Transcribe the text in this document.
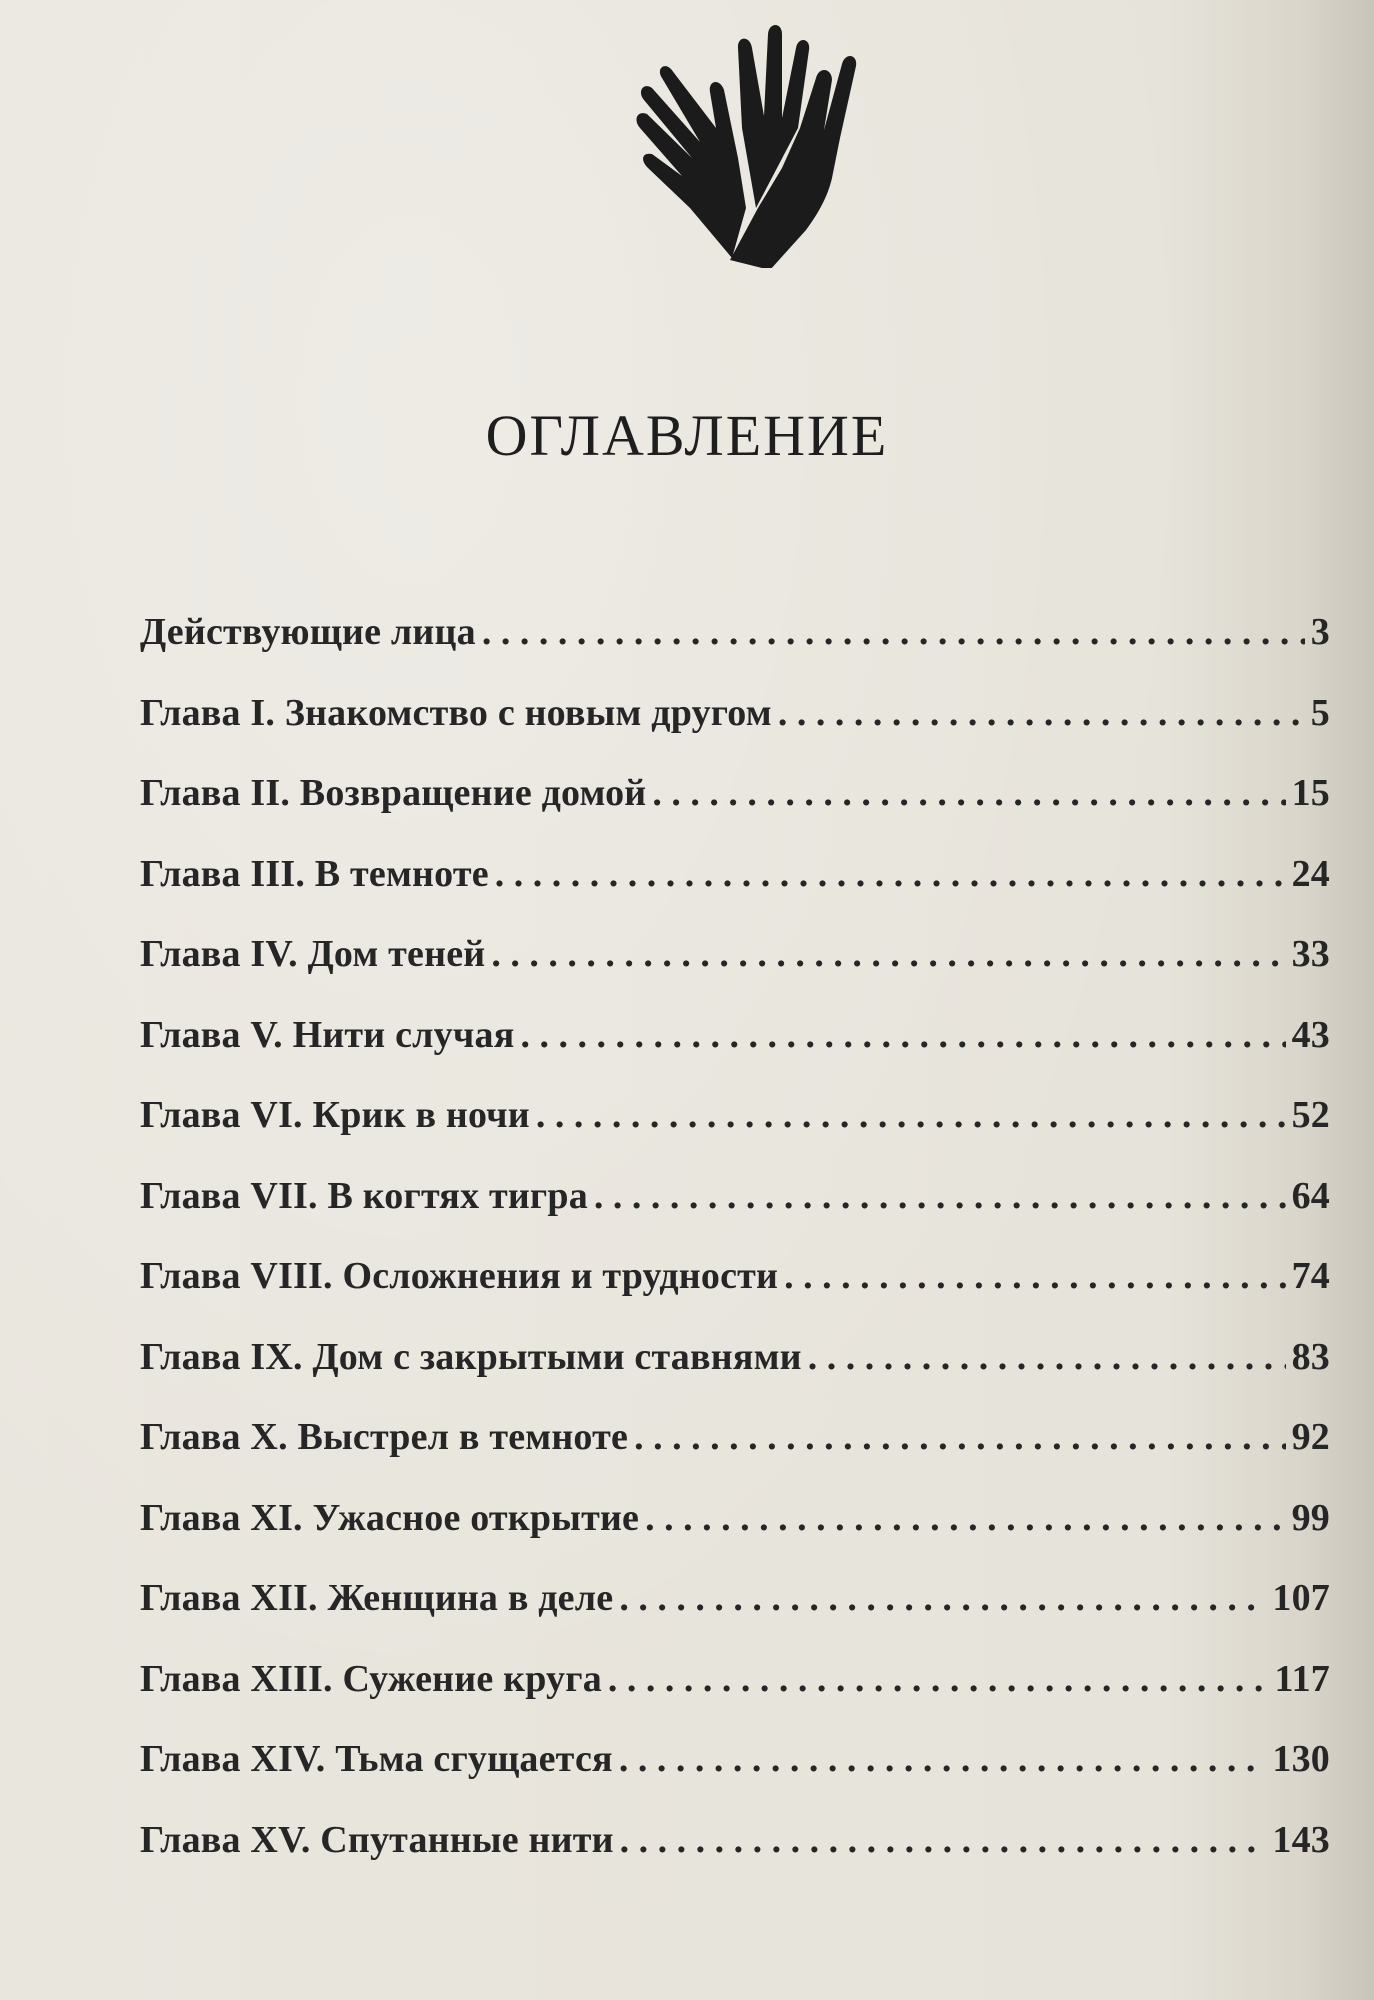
ОГЛАВЛЕНИЕ
Действующие лица . . .	3
Глава I. Знакомство с новым другом . . .	5
Глава II. Возвращение домой . . .	15
Глава III. В темноте . . .	24
Глава IV. Дом теней . . .	33
Глава V. Нити случая . . .	43
Глава VI. Крик в ночи . . .	52
Глава VII. В когтях тигра . . .	64
Глава VIII. Осложнения и трудности . . .	74
Глава IX. Дом с закрытыми ставнями . . .	83
Глава X. Выстрел в темноте . . .	92
Глава XI. Ужасное открытие . . .	99
Глава XII. Женщина в деле . . .	107
Глава XIII. Сужение круга . . .	117
Глава XIV. Тьма сгущается . . .	130
Глава XV. Спутанные нити . . .	143
